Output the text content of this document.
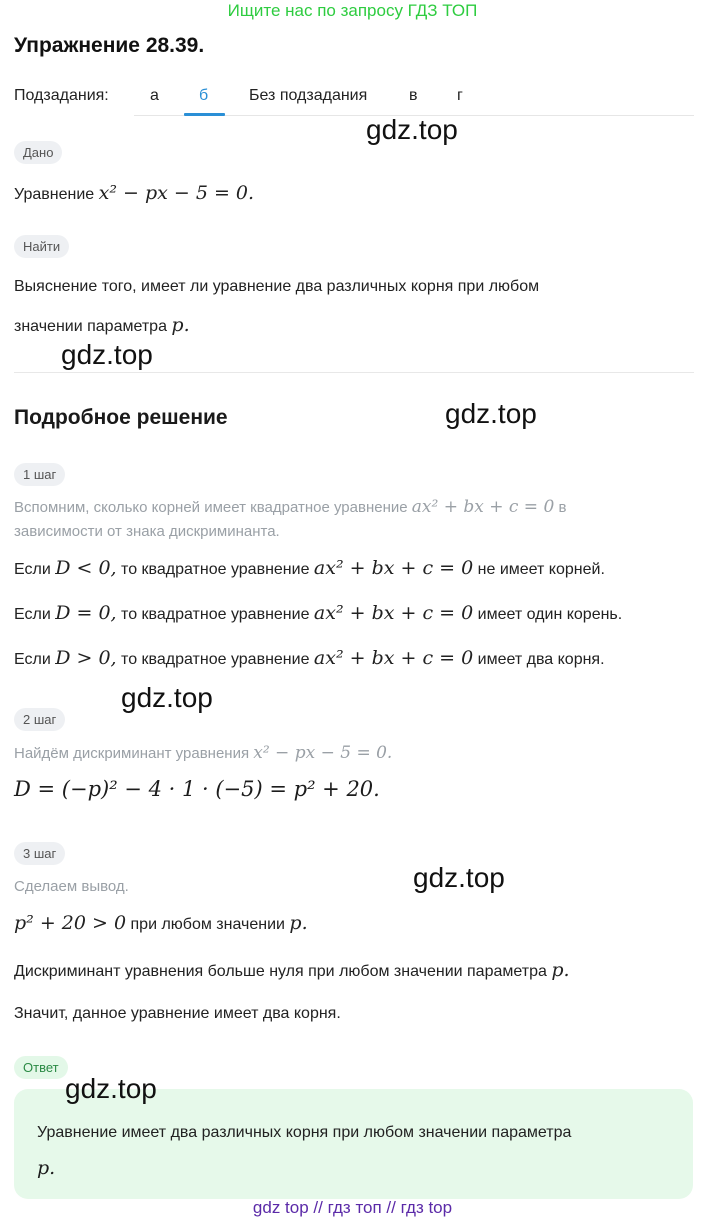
Ищите нас по запросу ГДЗ ТОП
Упражнение 28.39.
Подзадания:	а	б	Без подзадания	в г
gdz.top
gdz.top
gdz.top
gdz.top
gdz.top
gdz.top
Дано
Уравнение x² − px − 5 = 0.
Найти
Выяснение того, имеет ли уравнение два различных корня при любом
значении параметра p.
Подробное решение
1 шаг
Вспомним, сколько корней имеет квадратное уравнение ax² + bx + c = 0 в
зависимости от знака дискриминанта.
Если D < 0, то квадратное уравнение ax² + bx + c = 0 не имеет корней.
Если D = 0, то квадратное уравнение ax² + bx + c = 0 имеет один корень.
Если D > 0, то квадратное уравнение ax² + bx + c = 0 имеет два корня.
2 шаг
Найдём дискриминант уравнения x² − px − 5 = 0.
D = (−p)² − 4 · 1 · (−5) = p² + 20.
3 шаг
Сделаем вывод.
p² + 20 > 0 при любом значении p.
Дискриминант уравнения больше нуля при любом значении параметра p.
Значит, данное уравнение имеет два корня.
Ответ
Уравнение имеет два различных корня при любом значении параметра
p.
gdz top // гдз топ // гдз top
